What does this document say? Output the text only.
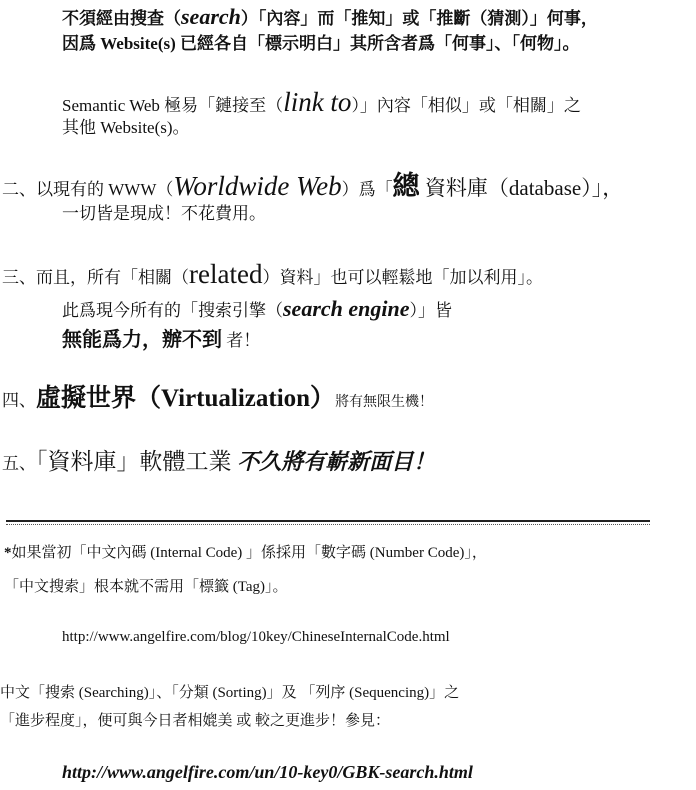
不須經由搜查（search）「內容」而「推知」或「推斷（猜測）」何事，
因爲 Website(s) 已經各自「標示明白」其所含者爲「何事」、「何物」。
Semantic Web 極易「鏈接至（link to）」內容「相似」或「相關」之
其他 Website(s)。
二、以現有的 WWW（Worldwide Web）爲「總 資料庫（database）」，
一切皆是現成！不花費用。
三、而且，所有「相關（related）資料」也可以輕鬆地「加以利用」。
此爲現今所有的「搜索引擎（search engine）」皆
無能爲力，辦不到 者！
四、虛擬世界（Virtualization）將有無限生機！
五、「資料庫」軟體工業 不久將有嶄新面目！
*如果當初「中文內碼 (Internal Code) 」係採用「數字碼 (Number Code)」，
「中文搜索」根本就不需用「標籤 (Tag)」。
http://www.angelfire.com/blog/10key/ChineseInternalCode.html
中文「搜索 (Searching)」、「分類 (Sorting)」及 「列序 (Sequencing)」之
「進步程度」，便可與今日者相媲美 或 較之更進步！參見：
http://www.angelfire.com/un/10-key0/GBK-search.html
